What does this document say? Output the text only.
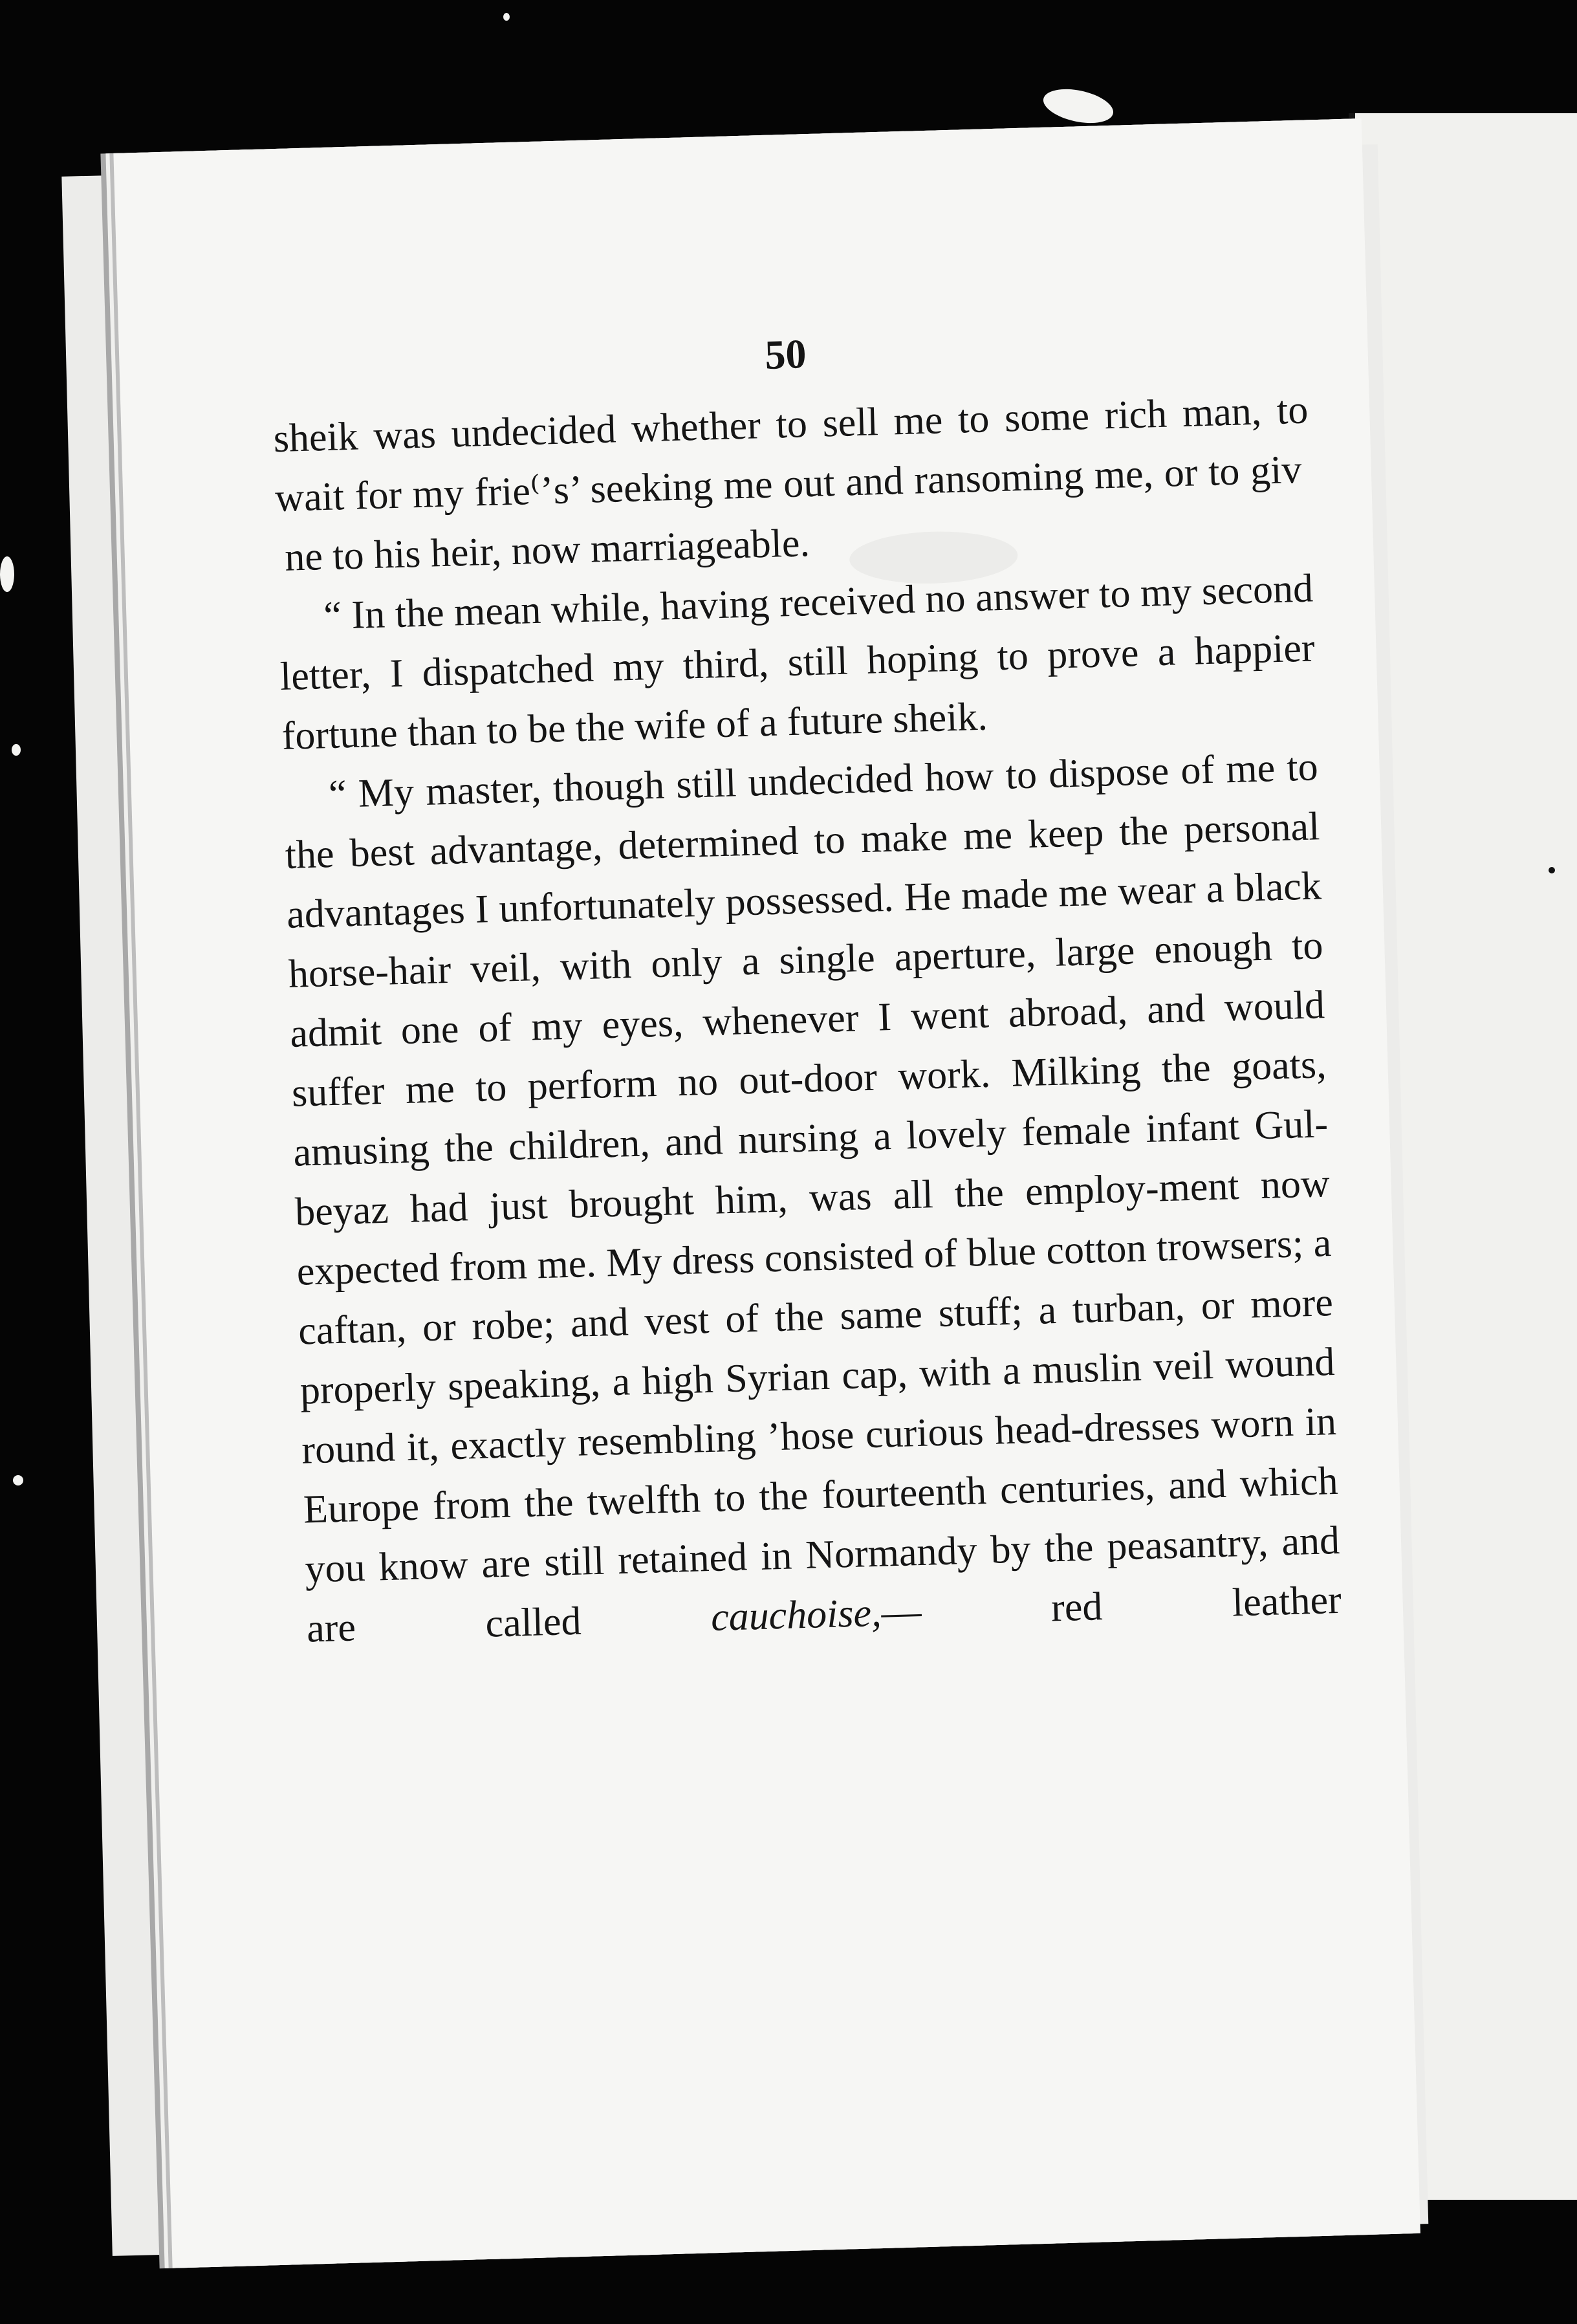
50

sheik was undecided whether to sell me to some rich man, to wait for my frie⁽ʼs’ seeking me out and ransoming me, or to giv   ne to his heir, now marriageable.

“ In the mean while, having received no answer to my second letter, I dispatched my third, still hoping to prove a happier fortune than to be the wife of a future sheik.

“ My master, though still undecided how to dispose of me to the best advantage, determined to make me keep the personal advantages I unfortunately possessed. He made me wear a black horse-hair veil, with only a single aperture, large enough to admit one of my eyes, whenever I went abroad, and would suffer me to perform no out-door work. Milking the goats, amusing the children, and nursing a lovely female infant Gul-beyaz had just brought him, was all the employ-ment now expected from me. My dress consisted of blue cotton trowsers; a caftan, or robe; and vest of the same stuff; a turban, or more properly speaking, a high Syrian cap, with a muslin veil wound round it, exactly resembling ʼhose curious head-dresses worn in Europe from the twelfth to the fourteenth centuries, and which you know are still retained in Normandy by the peasantry, and are called	cauchoise,— red leather
